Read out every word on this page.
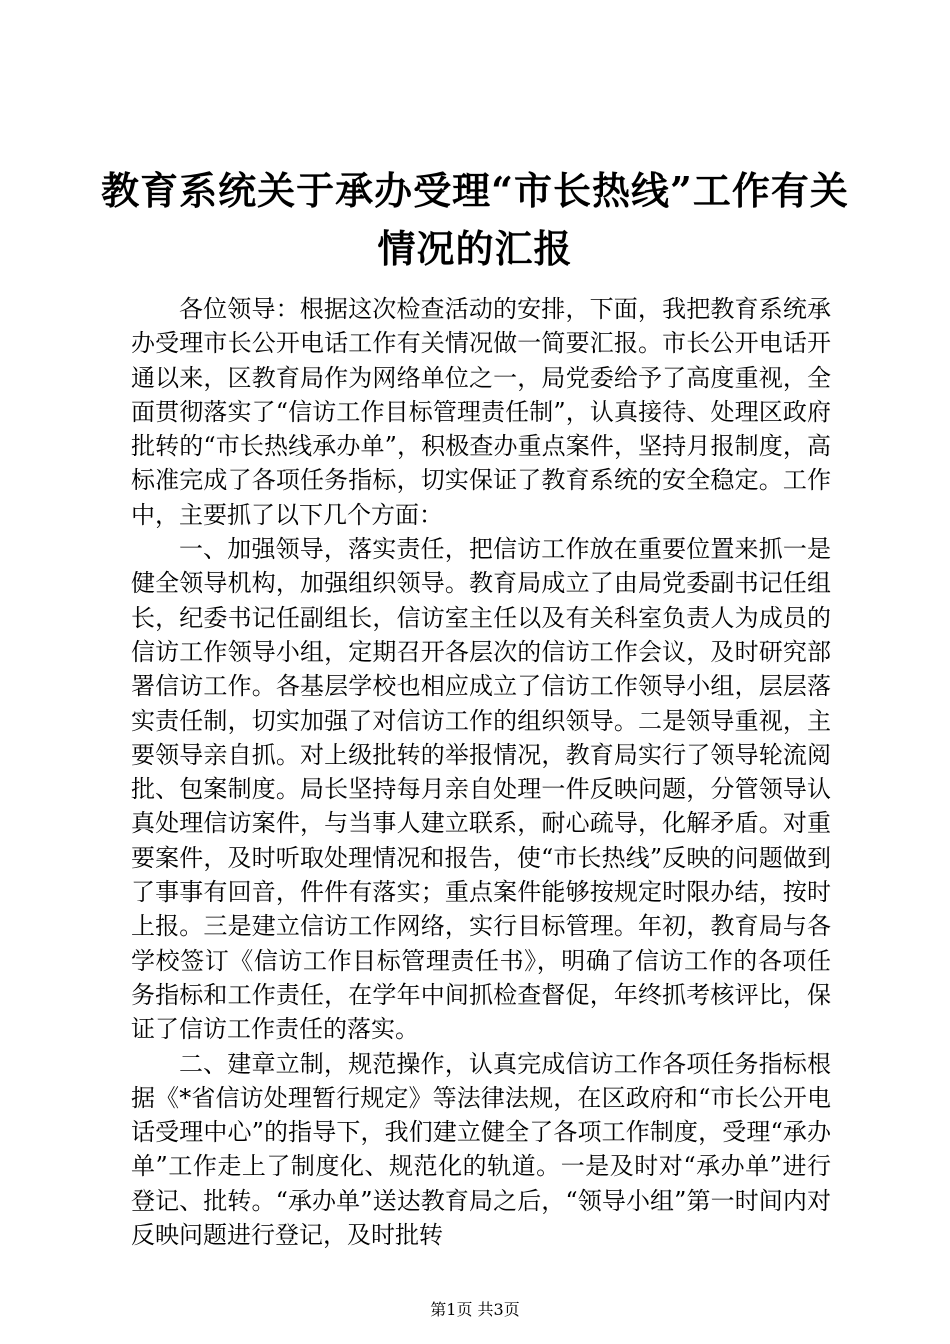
教育系统关于承办受理“市长热线”工作有关
情况的汇报

各位领导：根据这次检查活动的安排，下面，我把教育系统承办受理市长公开电话工作有关情况做一简要汇报。市长公开电话开通以来，区教育局作为网络单位之一，局党委给予了高度重视，全面贯彻落实了“信访工作目标管理责任制”，认真接待、处理区政府批转的“市长热线承办单”，积极查办重点案件，坚持月报制度，高标准完成了各项任务指标，切实保证了教育系统的安全稳定。工作中，主要抓了以下几个方面：

一、加强领导，落实责任，把信访工作放在重要位置来抓一是健全领导机构，加强组织领导。教育局成立了由局党委副书记任组长，纪委书记任副组长，信访室主任以及有关科室负责人为成员的信访工作领导小组，定期召开各层次的信访工作会议，及时研究部署信访工作。各基层学校也相应成立了信访工作领导小组，层层落实责任制，切实加强了对信访工作的组织领导。二是领导重视，主要领导亲自抓。对上级批转的举报情况，教育局实行了领导轮流阅批、包案制度。局长坚持每月亲自处理一件反映问题，分管领导认真处理信访案件，与当事人建立联系，耐心疏导，化解矛盾。对重要案件，及时听取处理情况和报告，使“市长热线”反映的问题做到了事事有回音，件件有落实；重点案件能够按规定时限办结，按时上报。三是建立信访工作网络，实行目标管理。年初，教育局与各学校签订《信访工作目标管理责任书》，明确了信访工作的各项任务指标和工作责任，在学年中间抓检查督促，年终抓考核评比，保证了信访工作责任的落实。

二、建章立制，规范操作，认真完成信访工作各项任务指标根据《*省信访处理暂行规定》等法律法规，在区政府和“市长公开电话受理中心”的指导下，我们建立健全了各项工作制度，受理“承办单”工作走上了制度化、规范化的轨道。一是及时对“承办单”进行登记、批转。“承办单”送达教育局之后，“领导小组”第一时间内对反映问题进行登记，及时批转

第1页 共3页
